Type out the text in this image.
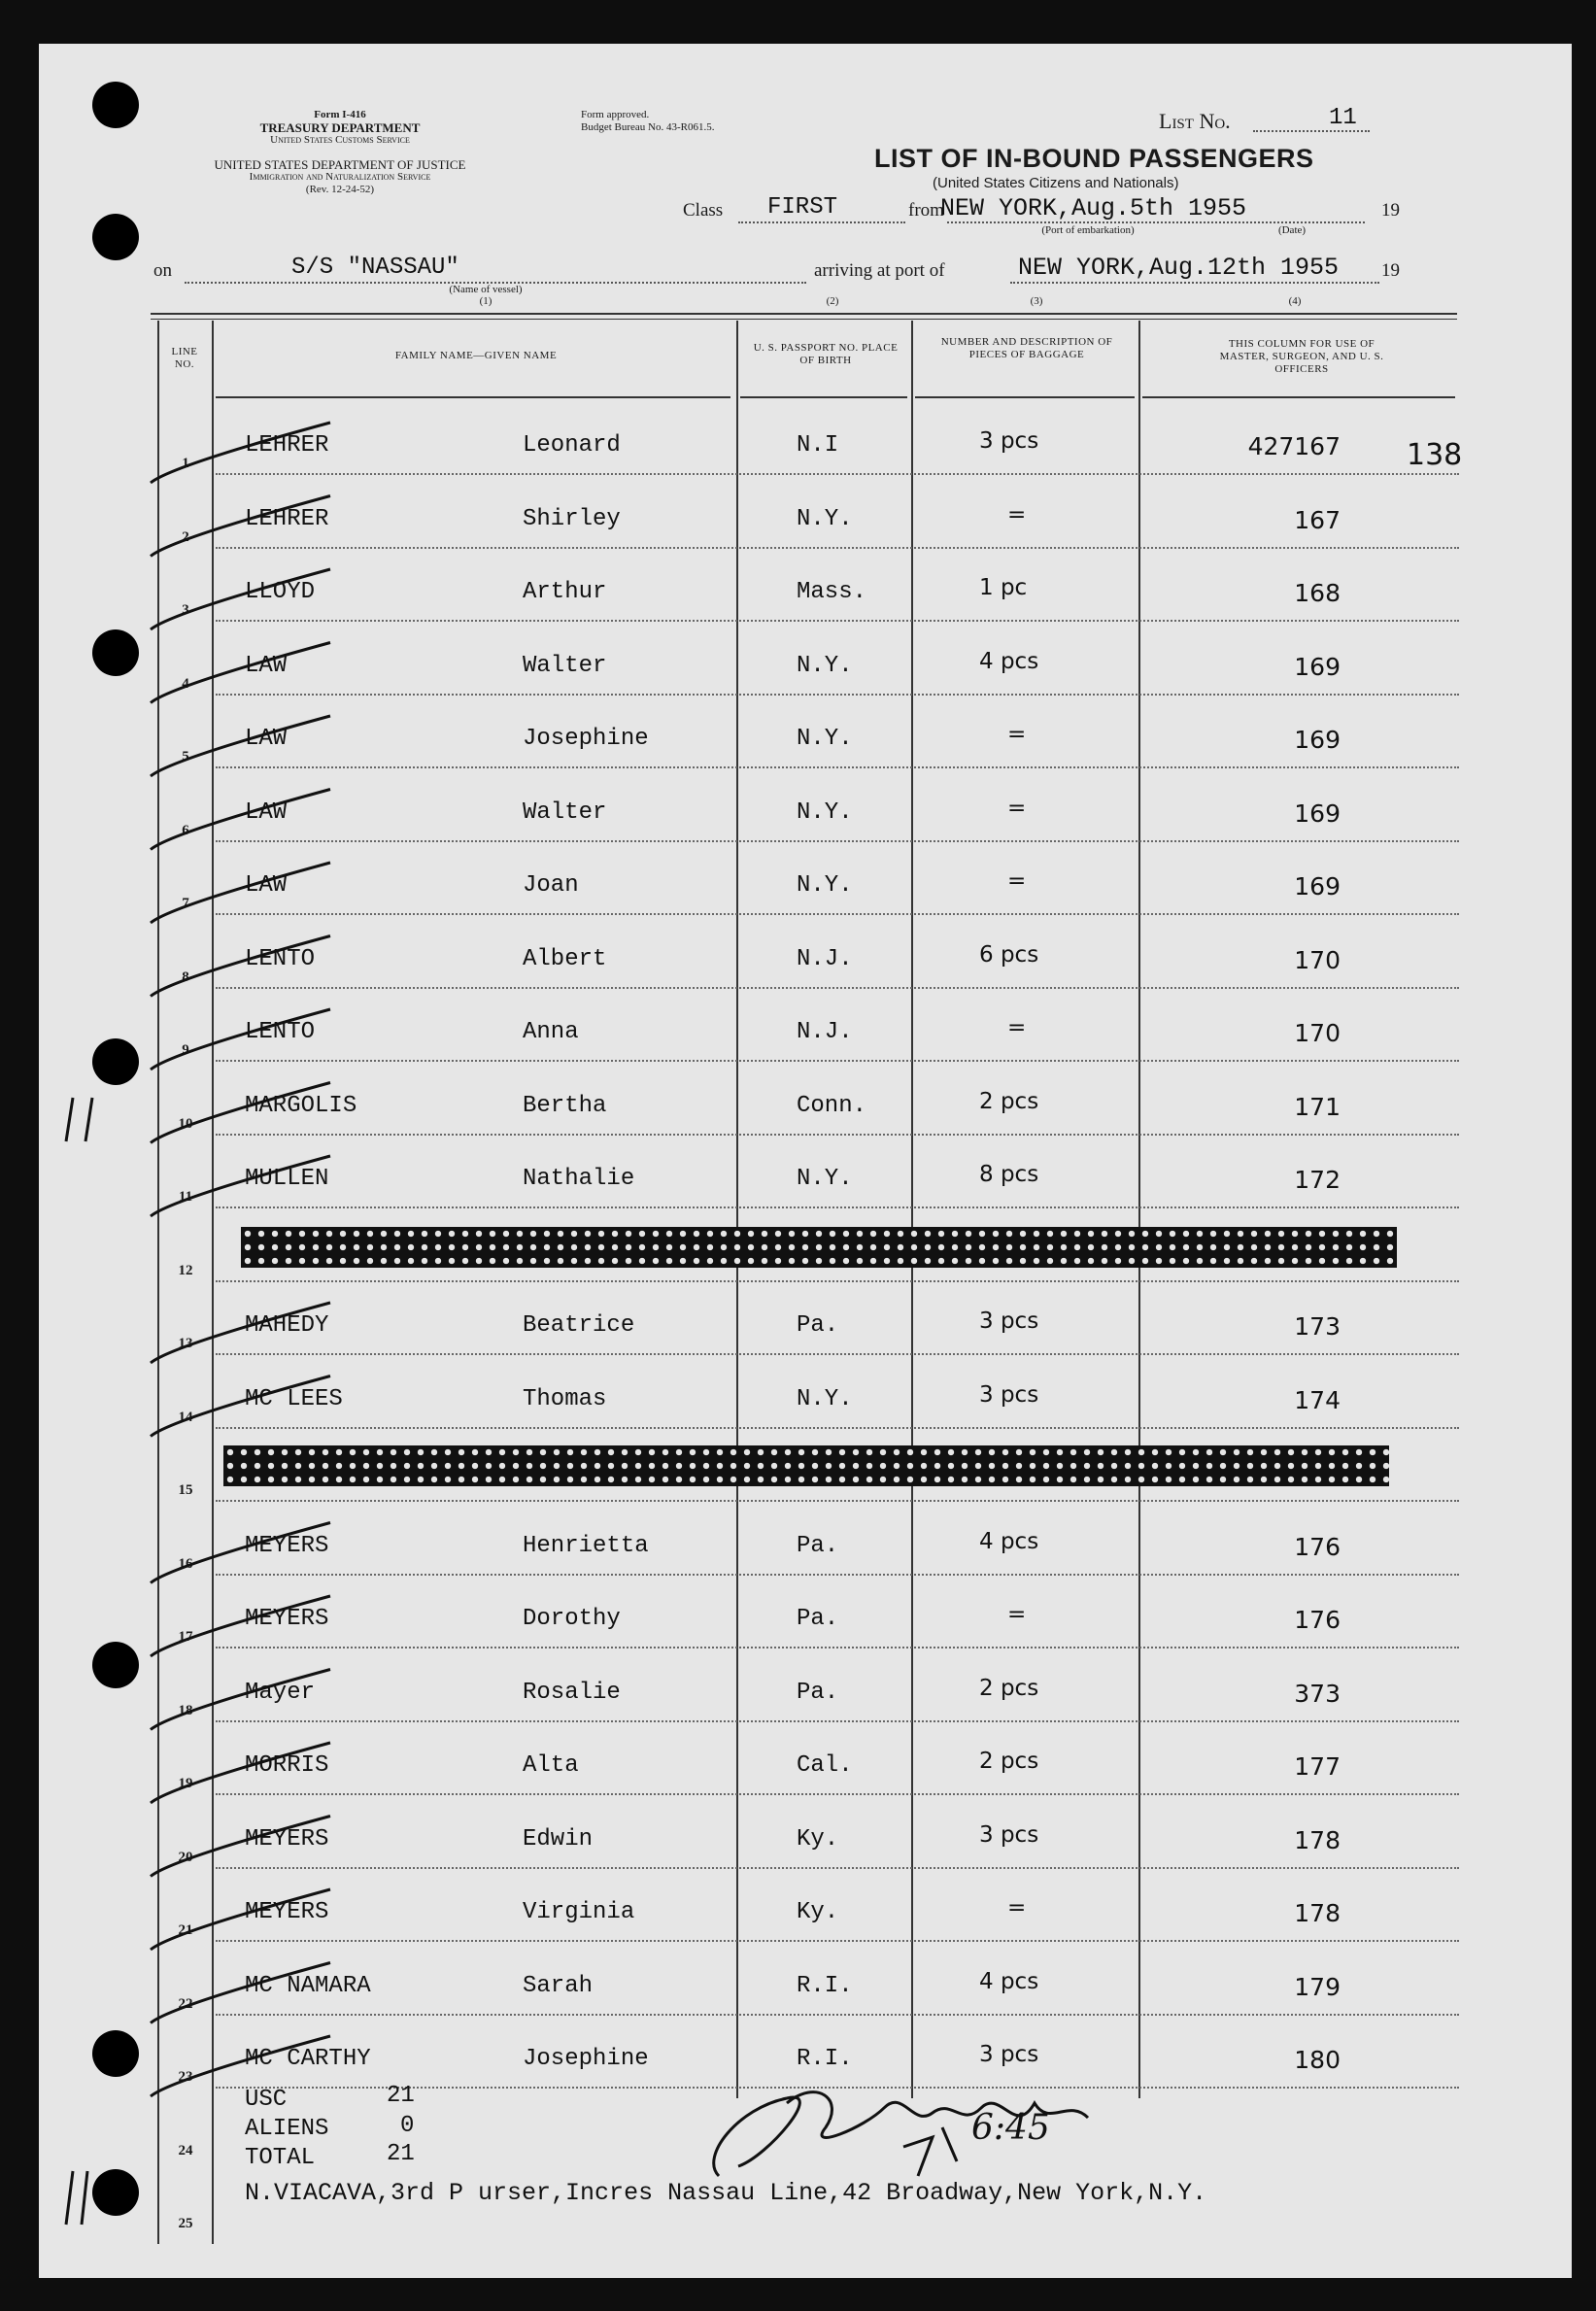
Form I-416
TREASURY DEPARTMENT
United States Customs Service
UNITED STATES DEPARTMENT OF JUSTICE
Immigration and Naturalization Service
(Rev. 12-24-52)
Form approved.
Budget Bureau No. 43-R061.5.	List No.	11
LIST OF IN-BOUND PASSENGERS
(United States Citizens and Nationals)
Class FIRST	from
NEW YORK,Aug.5th 1955	19
(Port of embarkation)	(Date)
on	S/S "NASSAU"
(Name of vessel)
(1)
arriving at port of	NEW YORK,Aug.12th 1955 19
(2)	(3)	(4)
LINE NO.
FAMILY NAME—GIVEN NAME
U. S. PASSPORT NO. PLACE OF BIRTH
NUMBER AND DESCRIPTION OF PIECES OF BAGGAGE
THIS COLUMN FOR USE OF MASTER, SURGEON, AND U. S. OFFICERS
1
LEHRER	Leonard	N.I	3 pcs	427167
2
LEHRER	Shirley	N.Y.	=	167
3
LLOYD	Arthur	Mass.	1 pc	168
4
LAW	Walter	N.Y.	4 pcs	169
5
LAW	Josephine	N.Y.	=	169
6
LAW	Walter	N.Y.	=	169
7
LAW	Joan	N.Y.	=	169
8
LENTO	Albert	N.J.	6 pcs	170
9
LENTO	Anna	N.J.	=	170
10
MARGOLIS	Bertha	Conn.	2 pcs	171
11
MULLEN	Nathalie	N.Y.	8 pcs	172
12
13
MAHEDY	Beatrice	Pa.	3 pcs	173
14
MC LEES	Thomas	N.Y.	3 pcs	174
15
16
MEYERS	Henrietta	Pa.	4 pcs	176
17
MEYERS	Dorothy	Pa.	=	176
18
Mayer	Rosalie	Pa.	2 pcs	373
19
MORRIS	Alta	Cal.	2 pcs	177
20
MEYERS	Edwin	Ky.	3 pcs	178
21
MEYERS	Virginia	Ky.	=	178
22
MC NAMARA	Sarah	R.I.	4 pcs	179
23
MC CARTHY	Josephine	R.I.	3 pcs	180
24
25
138
USC	21
ALIENS	0
TOTAL	21
N.VIACAVA,3rd P urser,Incres Nassau Line,42 Broadway,New York,N.Y.
6:45
